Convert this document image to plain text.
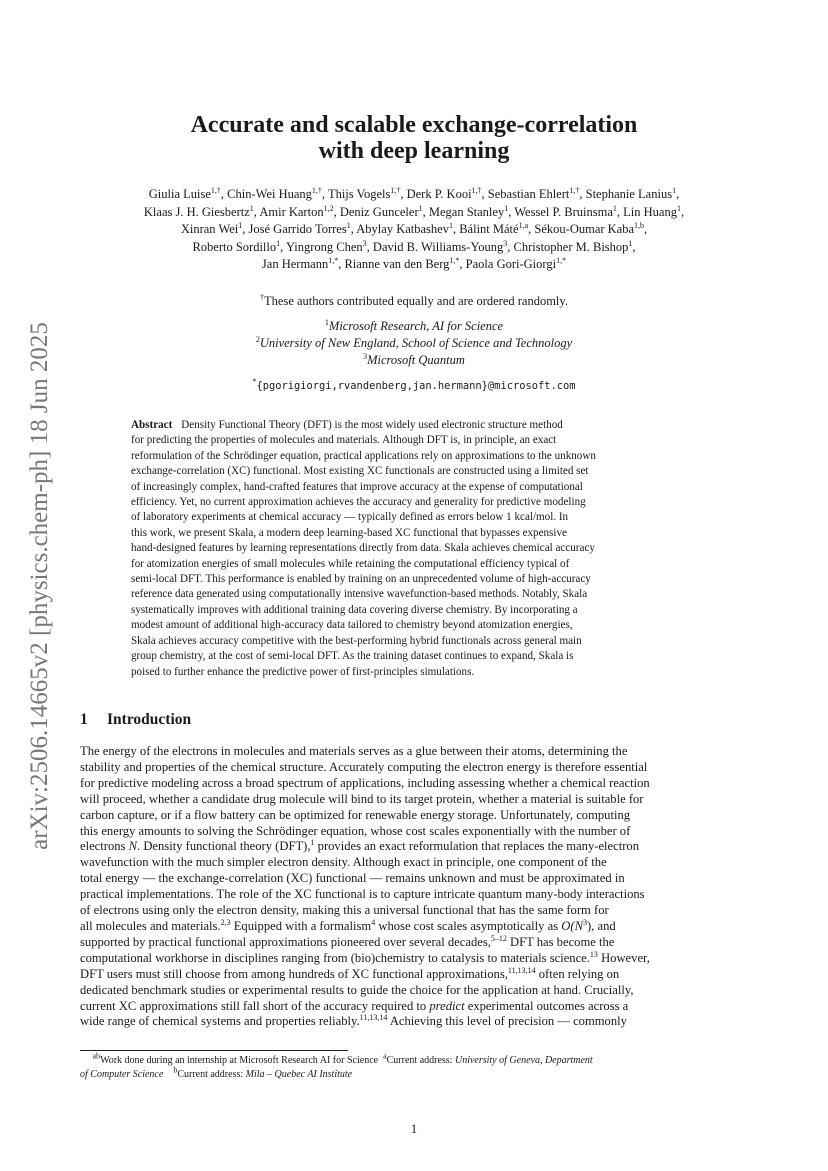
arXiv:2506.14665v2 [physics.chem-ph] 18 Jun 2025
Accurate and scalable exchange-correlation
with deep learning
Giulia Luise$^{1,\dagger}$, Chin-Wei Huang$^{1,\dagger}$, Thijs Vogels$^{1,\dagger}$, Derk P. Kooi$^{1,\dagger}$, Sebastian Ehlert$^{1,\dagger}$, Stephanie Lanius$^1$,
Klaas J. H. Giesbertz$^1$, Amir Karton$^{1,2}$, Deniz Gunceler$^1$, Megan Stanley$^1$, Wessel P. Bruinsma$^1$, Lin Huang$^1$,
Xinran Wei$^1$, José Garrido Torres$^1$, Abylay Katbashev$^1$, Bálint Máté$^{1,a}$, Sékou-Oumar Kaba$^{1,b}$,
Roberto Sordillo$^1$, Yingrong Chen$^3$, David B. Williams-Young$^3$, Christopher M. Bishop$^1$,
Jan Hermann$^{1,*}$, Rianne van den Berg$^{1,*}$, Paola Gori-Giorgi$^{1,*}$
†These authors contributed equally and are ordered randomly.
$^1$Microsoft Research, AI for Science
$^2$University of New England, School of Science and Technology
$^3$Microsoft Quantum
*{pgorigiorgi,rvandenberg,jan.hermann}@microsoft.com
Abstract Density Functional Theory (DFT) is the most widely used electronic structure method
for predicting the properties of molecules and materials. Although DFT is, in principle, an exact
reformulation of the Schrödinger equation, practical applications rely on approximations to the unknown
exchange-correlation (XC) functional. Most existing XC functionals are constructed using a limited set
of increasingly complex, hand-crafted features that improve accuracy at the expense of computational
efficiency. Yet, no current approximation achieves the accuracy and generality for predictive modeling
of laboratory experiments at chemical accuracy — typically defined as errors below 1 kcal/mol. In
this work, we present Skala, a modern deep learning-based XC functional that bypasses expensive
hand-designed features by learning representations directly from data. Skala achieves chemical accuracy
for atomization energies of small molecules while retaining the computational efficiency typical of
semi-local DFT. This performance is enabled by training on an unprecedented volume of high-accuracy
reference data generated using computationally intensive wavefunction-based methods. Notably, Skala
systematically improves with additional training data covering diverse chemistry. By incorporating a
modest amount of additional high-accuracy data tailored to chemistry beyond atomization energies,
Skala achieves accuracy competitive with the best-performing hybrid functionals across general main
group chemistry, at the cost of semi-local DFT. As the training dataset continues to expand, Skala is
poised to further enhance the predictive power of first-principles simulations.
1 Introduction
The energy of the electrons in molecules and materials serves as a glue between their atoms, determining the
stability and properties of the chemical structure. Accurately computing the electron energy is therefore essential
for predictive modeling across a broad spectrum of applications, including assessing whether a chemical reaction
will proceed, whether a candidate drug molecule will bind to its target protein, whether a material is suitable for
carbon capture, or if a flow battery can be optimized for renewable energy storage. Unfortunately, computing
this energy amounts to solving the Schrödinger equation, whose cost scales exponentially with the number of
electrons N. Density functional theory (DFT),$^1$ provides an exact reformulation that replaces the many-electron
wavefunction with the much simpler electron density. Although exact in principle, one component of the
total energy — the exchange-correlation (XC) functional — remains unknown and must be approximated in
practical implementations. The role of the XC functional is to capture intricate quantum many-body interactions
of electrons using only the electron density, making this a universal functional that has the same form for
all molecules and materials.$^{2,3}$ Equipped with a formalism$^4$ whose cost scales asymptotically as $O(N^3)$, and
supported by practical functional approximations pioneered over several decades,$^{5-12}$ DFT has become the
computational workhorse in disciplines ranging from (bio)chemistry to catalysis to materials science.$^{13}$ However,
DFT users must still choose from among hundreds of XC functional approximations,$^{11,13,14}$ often relying on
dedicated benchmark studies or experimental results to guide the choice for the application at hand. Crucially,
current XC approximations still fall short of the accuracy required to predict experimental outcomes across a
wide range of chemical systems and properties reliably.$^{11,13,14}$ Achieving this level of precision — commonly
$^{ab}$Work done during an internship at Microsoft Research AI for Science  $^a$Current address: University of Geneva, Department
of Computer Science $^b$Current address: Mila – Quebec AI Institute
1
